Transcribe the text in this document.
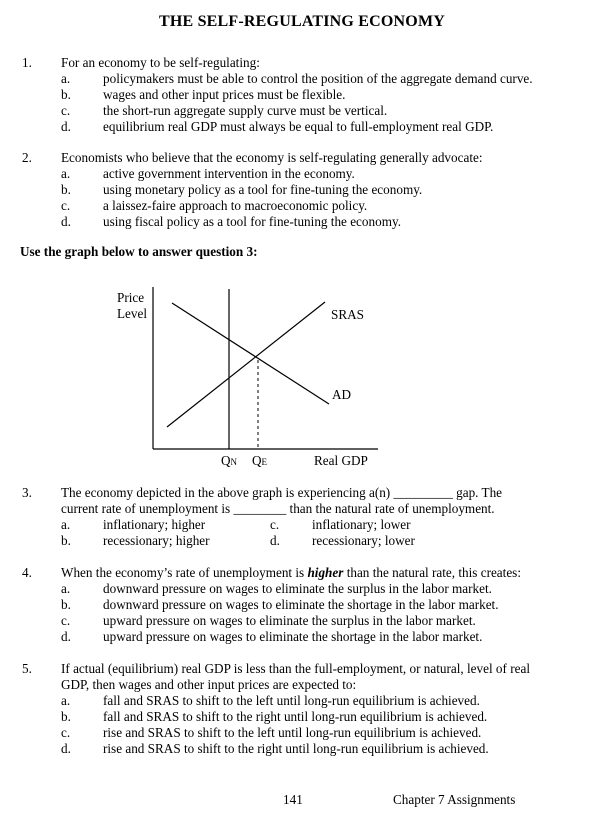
THE SELF-REGULATING ECONOMY
1. For an economy to be self-regulating:
a. policymakers must be able to control the position of the aggregate demand curve.
b. wages and other input prices must be flexible.
c. the short-run aggregate supply curve must be vertical.
d. equilibrium real GDP must always be equal to full-employment real GDP.
2. Economists who believe that the economy is self-regulating generally advocate:
a. active government intervention in the economy.
b. using monetary policy as a tool for fine-tuning the economy.
c. a laissez-faire approach to macroeconomic policy.
d. using fiscal policy as a tool for fine-tuning the economy.
Use the graph below to answer question 3:
Price
Level	SRAS
AD
QN QE	Real GDP
3. The economy depicted in the above graph is experiencing a(n) _________ gap. The
current rate of unemployment is ________ than the natural rate of unemployment.
a. inflationary; higher	c. inflationary; lower
b. recessionary; higher	d. recessionary; lower
4. When the economy’s rate of unemployment is higher than the natural rate, this creates:
a. downward pressure on wages to eliminate the surplus in the labor market.
b. downward pressure on wages to eliminate the shortage in the labor market.
c. upward pressure on wages to eliminate the surplus in the labor market.
d. upward pressure on wages to eliminate the shortage in the labor market.
5. If actual (equilibrium) real GDP is less than the full-employment, or natural, level of real
GDP, then wages and other input prices are expected to:
a. fall and SRAS to shift to the left until long-run equilibrium is achieved.
b. fall and SRAS to shift to the right until long-run equilibrium is achieved.
c. rise and SRAS to shift to the left until long-run equilibrium is achieved.
d. rise and SRAS to shift to the right until long-run equilibrium is achieved.
141	Chapter 7 Assignments
